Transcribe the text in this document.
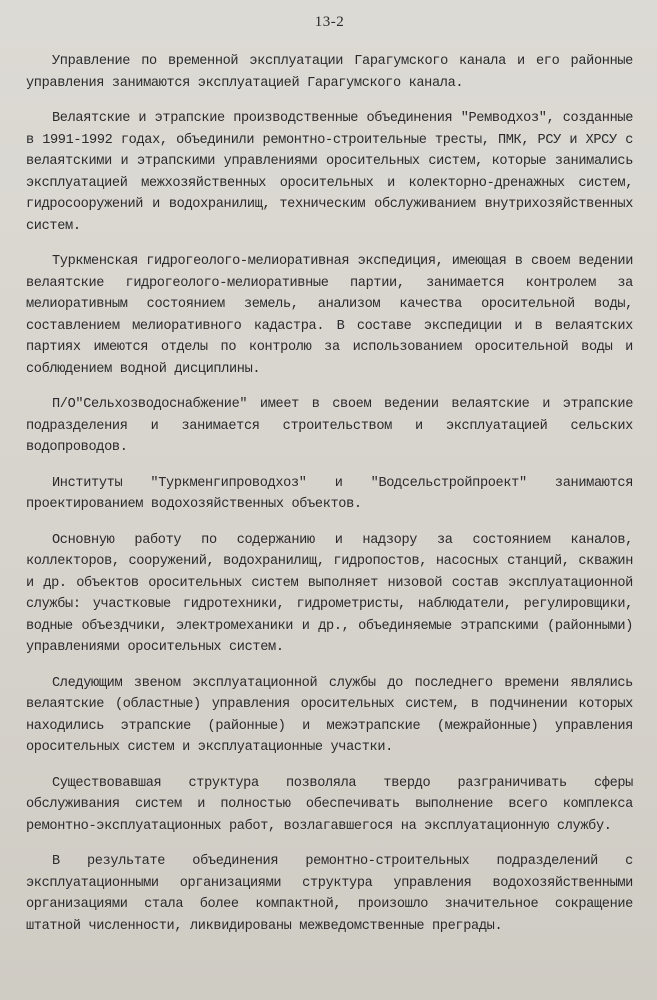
13-2

Управление по временной эксплуатации Гарагумского канала и его районные управления занимаются эксплуатацией Гарагумского канала.

Велаятские и этрапские производственные объединения "Ремводхоз", созданные в 1991-1992 годах, объединили ремонтно-строительные тресты, ПМК, РСУ и ХРСУ с велаятскими и этрапскими управлениями оросительных систем, которые занимались эксплуатацией межхозяйственных оросительных и колекторно-дренажных систем, гидросооружений и водохранилищ, техническим обслуживанием внутрихозяйственных систем.

Туркменская гидрогеолого-мелиоративная экспедиция, имеющая в своем ведении велаятские гидрогеолого-мелиоративные партии, занимается контролем за мелиоративным состоянием земель, анализом качества оросительной воды, составлением мелиоративного кадастра. В составе экспедиции и в велаятских партиях имеются отделы по контролю за использованием оросительной воды и соблюдением водной дисциплины.

П/О"Сельхозводоснабжение" имеет в своем ведении велаятские и этрапские подразделения и занимается строительством и эксплуатацией сельских водопроводов.

Институты "Туркменгипроводхоз" и "Водсельстройпроект" занимаются проектированием водохозяйственных объектов.

Основную работу по содержанию и надзору за состоянием каналов, коллекторов, сооружений, водохранилищ, гидропостов, насосных станций, скважин и др. объектов оросительных систем выполняет низовой состав эксплуатационной службы: участковые гидротехники, гидрометристы, наблюдатели, регулировщики, водные объездчики, электромеханики и др., объединяемые этрапскими (районными) управлениями оросительных систем.

Следующим звеном эксплуатационной службы до последнего времени являлись велаятские (областные) управления оросительных систем, в подчинении которых находились этрапские (районные) и межэтрапские (межрайонные) управления оросительных систем и эксплуатационные участки.

Существовавшая структура позволяла твердо разграничивать сферы обслуживания систем и полностью обеспечивать выполнение всего комплекса ремонтно-эксплуатационных работ, возлагавшегося на эксплуатационную службу.

В результате объединения ремонтно-строительных подразделений с эксплуатационными организациями структура управления водохозяйственными организациями стала более компактной, произошло значительное сокращение штатной численности, ликвидированы межведомственные преграды.
